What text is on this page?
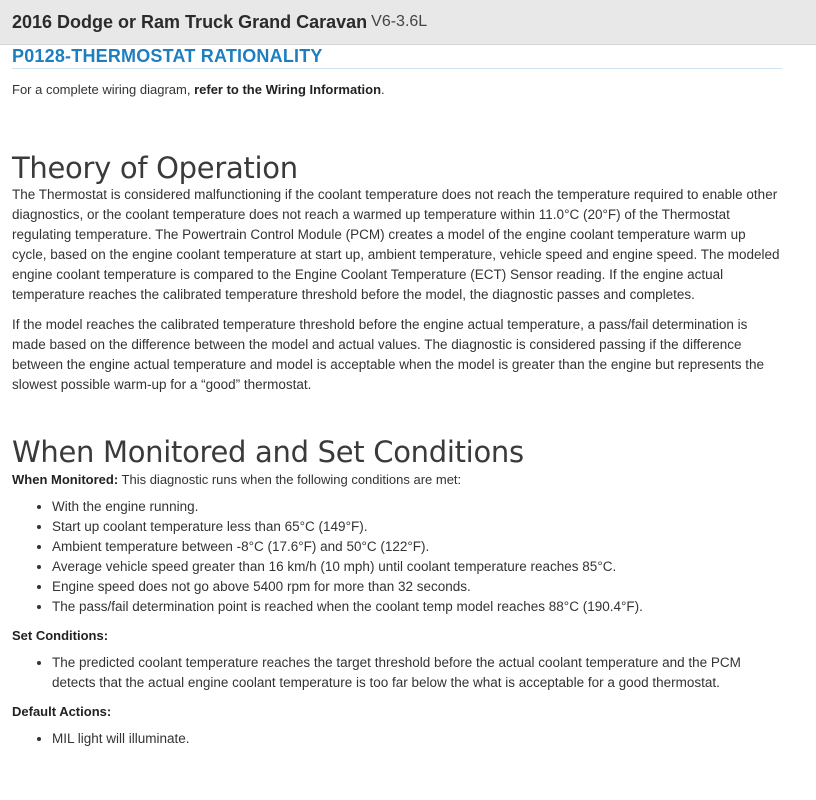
2016 Dodge or Ram Truck Grand Caravan V6-3.6L
P0128-THERMOSTAT RATIONALITY
For a complete wiring diagram, refer to the Wiring Information.
Theory of Operation

The Thermostat is considered malfunctioning if the coolant temperature does not reach the temperature required to enable other diagnostics, or the coolant temperature does not reach a warmed up temperature within 11.0°C (20°F) of the Thermostat regulating temperature. The Powertrain Control Module (PCM) creates a model of the engine coolant temperature warm up cycle, based on the engine coolant temperature at start up, ambient temperature, vehicle speed and engine speed. The modeled engine coolant temperature is compared to the Engine Coolant Temperature (ECT) Sensor reading. If the engine actual temperature reaches the calibrated temperature threshold before the model, the diagnostic passes and completes.

If the model reaches the calibrated temperature threshold before the engine actual temperature, a pass/fail determination is made based on the difference between the model and actual values. The diagnostic is considered passing if the difference between the engine actual temperature and model is acceptable when the model is greater than the engine but represents the slowest possible warm-up for a “good” thermostat.

When Monitored and Set Conditions
When Monitored: This diagnostic runs when the following conditions are met:
• With the engine running.
• Start up coolant temperature less than 65°C (149°F).
• Ambient temperature between -8°C (17.6°F) and 50°C (122°F).
• Average vehicle speed greater than 16 km/h (10 mph) until coolant temperature reaches 85°C.
• Engine speed does not go above 5400 rpm for more than 32 seconds.
• The pass/fail determination point is reached when the coolant temp model reaches 88°C (190.4°F).
Set Conditions:
• The predicted coolant temperature reaches the target threshold before the actual coolant temperature and the PCM detects that the actual engine coolant temperature is too far below the what is acceptable for a good thermostat.
Default Actions:
• MIL light will illuminate.
